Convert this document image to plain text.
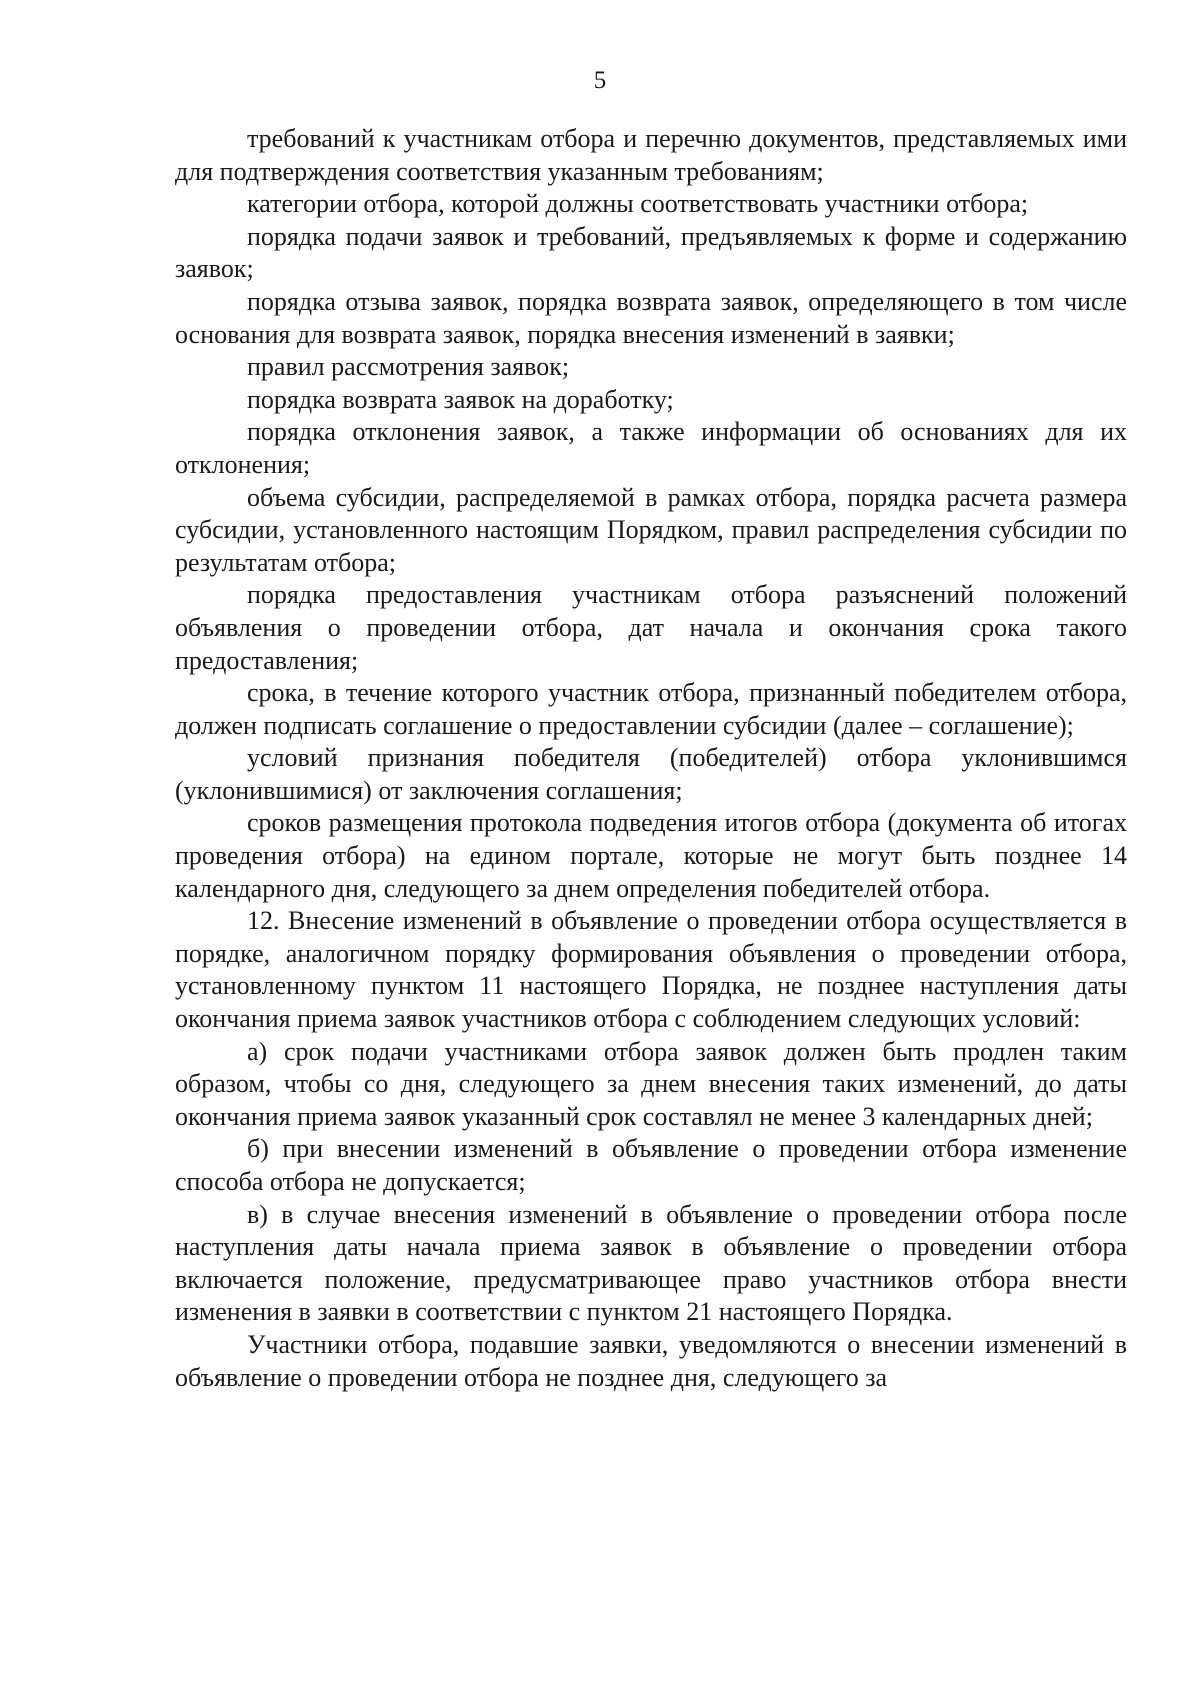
5

требований к участникам отбора и перечню документов, представляемых ими для подтверждения соответствия указанным требованиям;

категории отбора, которой должны соответствовать участники отбора;

порядка подачи заявок и требований, предъявляемых к форме и содержанию заявок;

порядка отзыва заявок, порядка возврата заявок, определяющего в том числе основания для возврата заявок, порядка внесения изменений в заявки;

правил рассмотрения заявок;

порядка возврата заявок на доработку;

порядка отклонения заявок, а также информации об основаниях для их отклонения;

объема субсидии, распределяемой в рамках отбора, порядка расчета размера субсидии, установленного настоящим Порядком, правил распределения субсидии по результатам отбора;

порядка предоставления участникам отбора разъяснений положений объявления о проведении отбора, дат начала и окончания срока такого предоставления;

срока, в течение которого участник отбора, признанный победителем отбора, должен подписать соглашение о предоставлении субсидии (далее – соглашение);

условий признания победителя (победителей) отбора уклонившимся (уклонившимися) от заключения соглашения;

сроков размещения протокола подведения итогов отбора (документа об итогах проведения отбора) на едином портале, которые не могут быть позднее 14 календарного дня, следующего за днем определения победителей отбора.

12. Внесение изменений в объявление о проведении отбора осуществляется в порядке, аналогичном порядку формирования объявления о проведении отбора, установленному пунктом 11 настоящего Порядка, не позднее наступления даты окончания приема заявок участников отбора с соблюдением следующих условий:

а) срок подачи участниками отбора заявок должен быть продлен таким образом, чтобы со дня, следующего за днем внесения таких изменений, до даты окончания приема заявок указанный срок составлял не менее 3 календарных дней;

б) при внесении изменений в объявление о проведении отбора изменение способа отбора не допускается;

в) в случае внесения изменений в объявление о проведении отбора после наступления даты начала приема заявок в объявление о проведении отбора включается положение, предусматривающее право участников отбора внести изменения в заявки в соответствии с пунктом 21 настоящего Порядка.

Участники отбора, подавшие заявки, уведомляются о внесении изменений в объявление о проведении отбора не позднее дня, следующего за
